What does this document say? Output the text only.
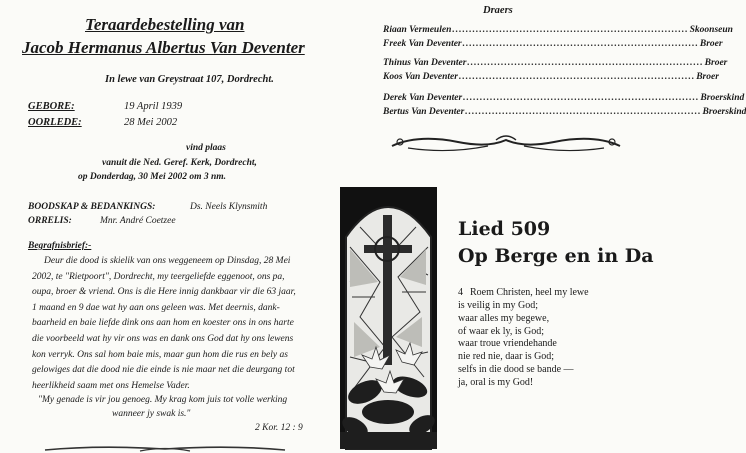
Teraardebestelling van
Jacob Hermanus Albertus Van Deventer
In lewe van Greystraat 107, Dordrecht.
GEBORE:	19 April 1939
OORLEDE:	28 Mei 2002
vind plaas
vanuit die Ned. Geref. Kerk, Dordrecht,
op Donderdag, 30 Mei 2002 om 3 nm.
BOODSKAP & BEDANKINGS:	Ds. Neels Klynsmith
ORRELIS:	Mnr. André Coetzee
Begrafnisbrief:-
Deur die dood is skielik van ons weggeneem op Dinsdag, 28 Mei
2002, te "Rietpoort", Dordrecht, my teergeliefde eggenoot, ons pa,
oupa, broer & vriend. Ons is die Here innig dankbaar vir die 63 jaar,
1 maand en 9 dae wat hy aan ons geleen was. Met deernis, dank-
baarheid en baie liefde dink ons aan hom en koester ons in ons harte
die voorbeeld wat hy vir ons was en dank ons God dat hy ons lewens
kon verryk. Ons sal hom baie mis, maar gun hom die rus en bely as
gelowiges dat die dood nie die einde is nie maar net die deurgang tot
heerlikheid saam met ons Hemelse Vader.
"My genade is vir jou genoeg. My krag kom juis tot volle werking
wanneer jy swak is."
2 Kor. 12 : 9
Draers
Riaan Vermeulen ...................................................................... Skoonseun
Freek Van Deventer ...................................................................... Broer
Thinus Van Deventer ...................................................................... Broer
Koos Van Deventer ...................................................................... Broer
Derek Van Deventer ...................................................................... Broerskind
Bertus Van Deventer ...................................................................... Broerskind
Lied 509
Op Berge en in Da
4 Roem Christen, heel my lewe
is veilig in my God;
waar alles my begewe,
of waar ek ly, is God;
waar troue vriendehande
nie red nie, daar is God;
selfs in die dood se bande —
ja, oral is my God!
